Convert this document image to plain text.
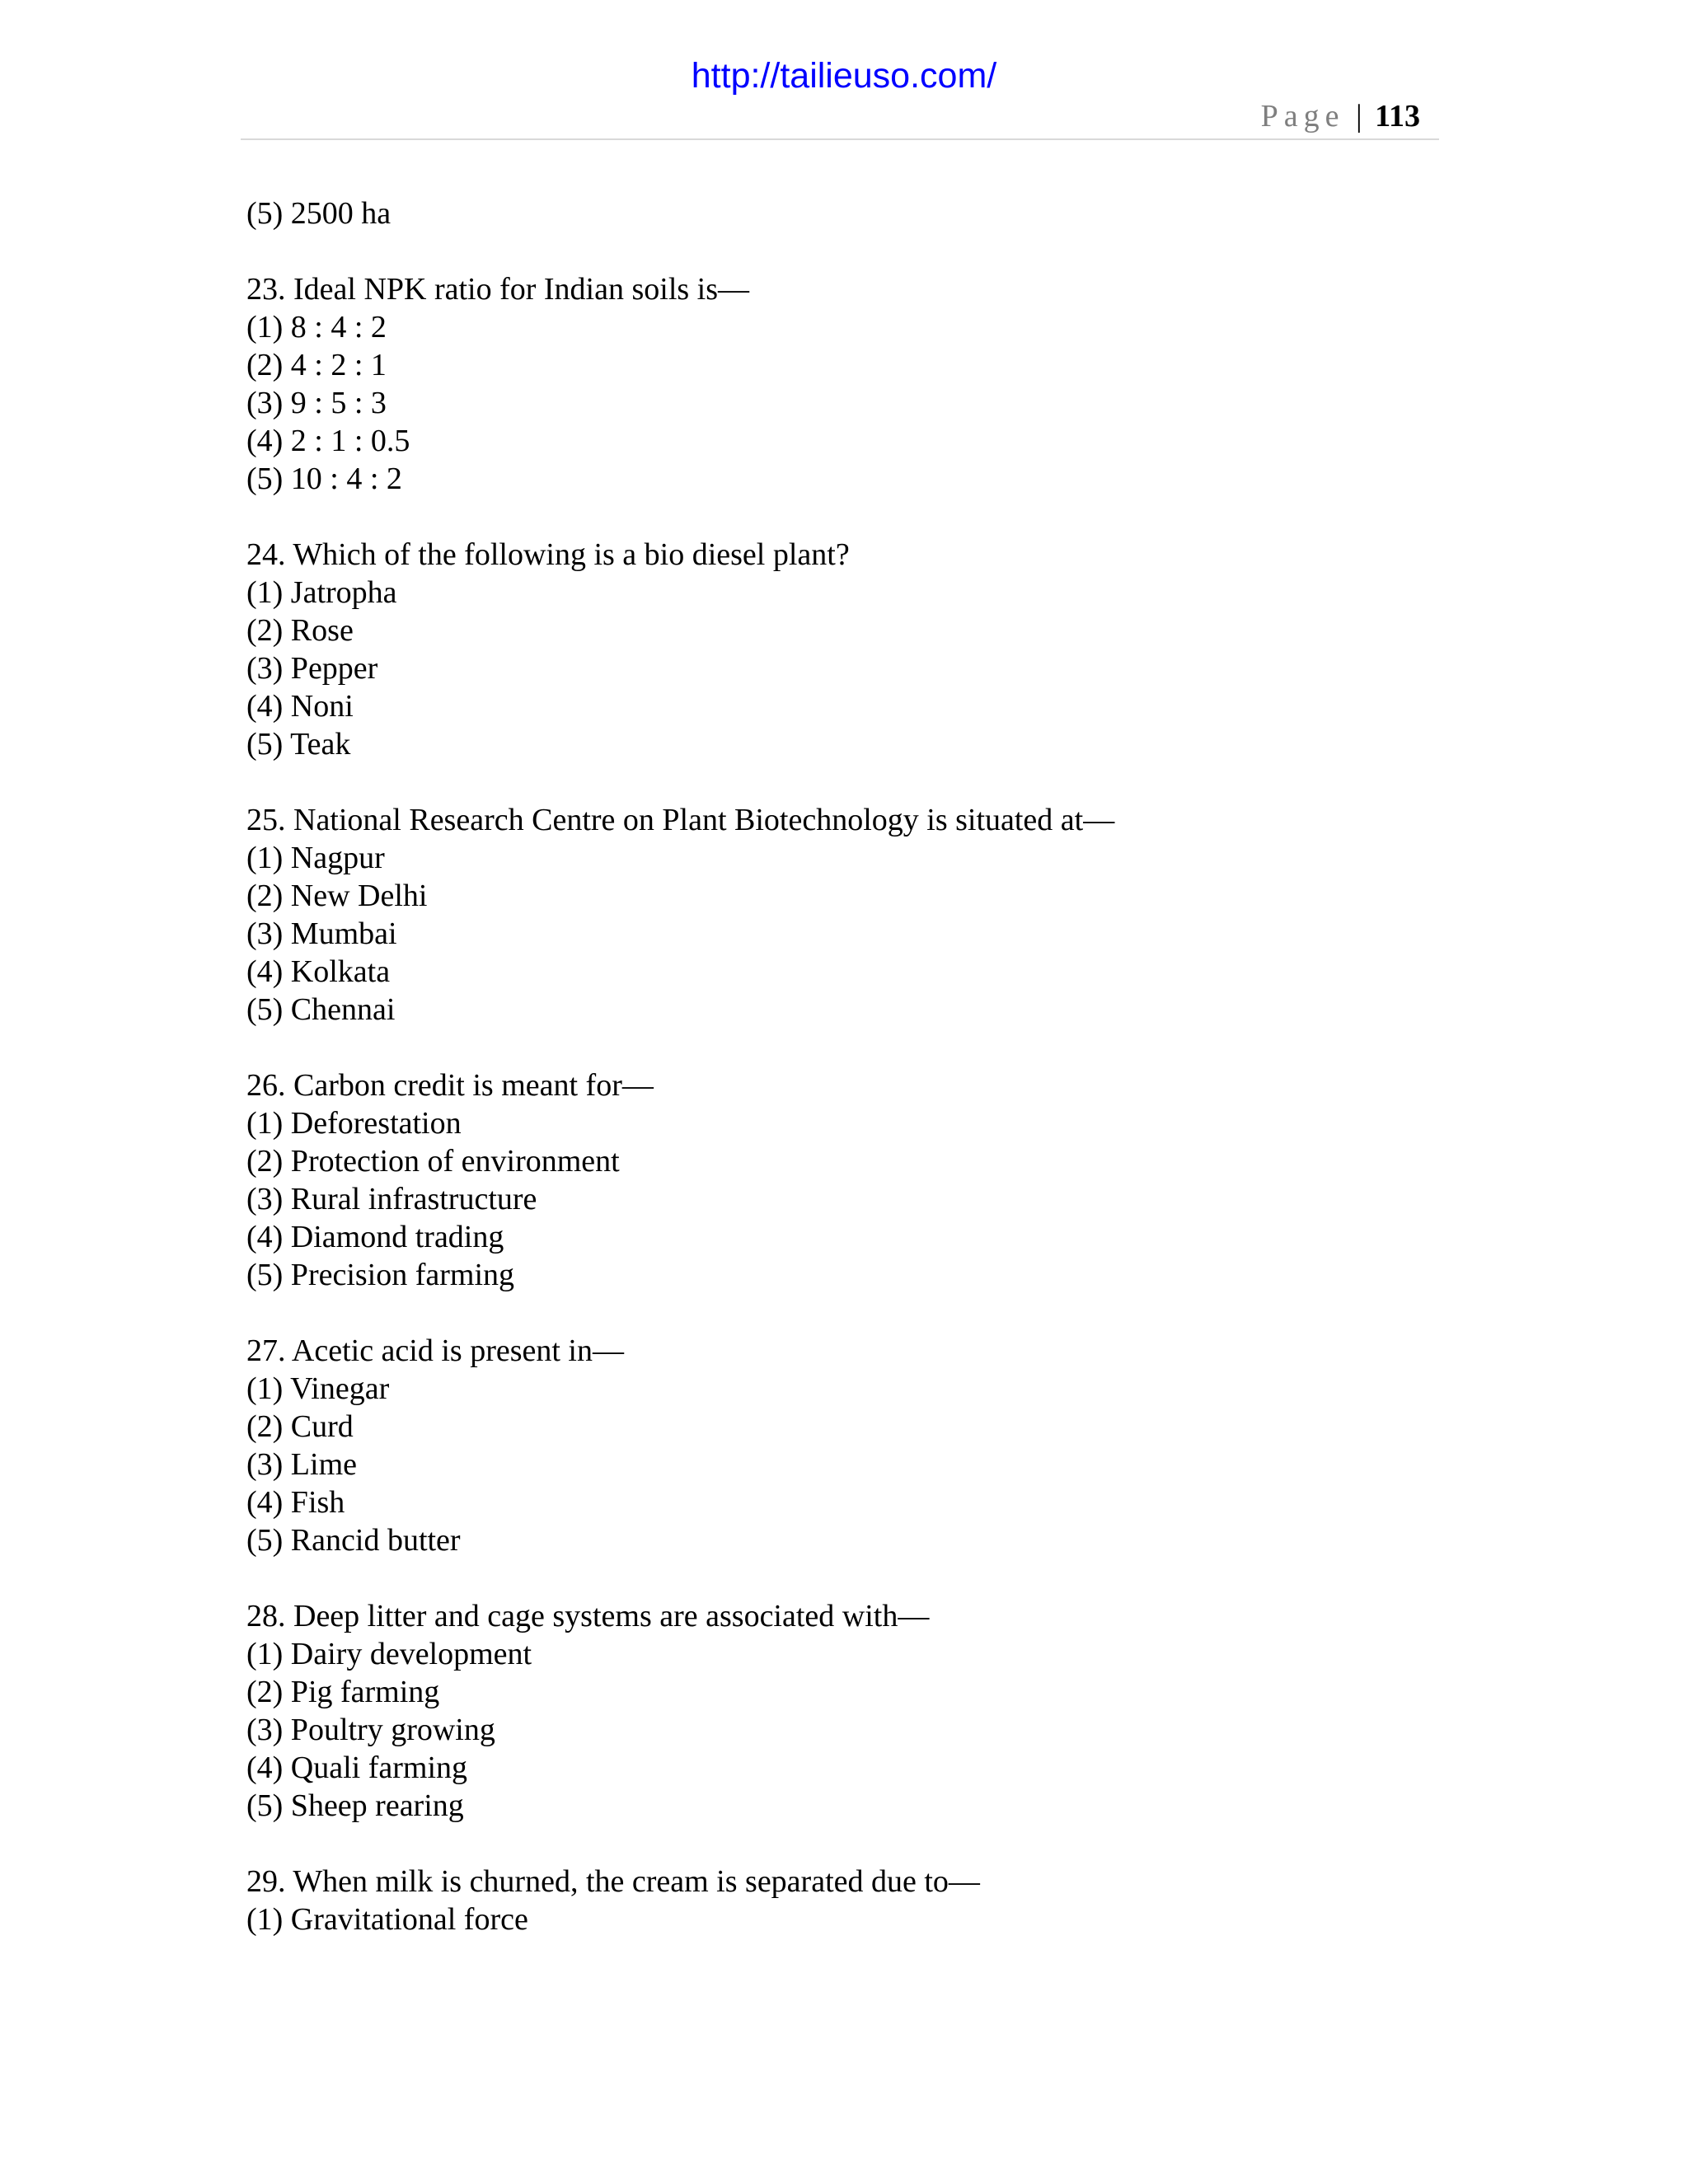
http://tailieuso.com/
Page | 113
(5) 2500 ha
23. Ideal NPK ratio for Indian soils is—
(1) 8 : 4 : 2
(2) 4 : 2 : 1
(3) 9 : 5 : 3
(4) 2 : 1 : 0.5
(5) 10 : 4 : 2
24. Which of the following is a bio diesel plant?
(1) Jatropha
(2) Rose
(3) Pepper
(4) Noni
(5) Teak
25. National Research Centre on Plant Biotechnology is situated at—
(1) Nagpur
(2) New Delhi
(3) Mumbai
(4) Kolkata
(5) Chennai
26. Carbon credit is meant for—
(1) Deforestation
(2) Protection of environment
(3) Rural infrastructure
(4) Diamond trading
(5) Precision farming
27. Acetic acid is present in—
(1) Vinegar
(2) Curd
(3) Lime
(4) Fish
(5) Rancid butter
28. Deep litter and cage systems are associated with—
(1) Dairy development
(2) Pig farming
(3) Poultry growing
(4) Quali farming
(5) Sheep rearing
29. When milk is churned, the cream is separated due to—
(1) Gravitational force
